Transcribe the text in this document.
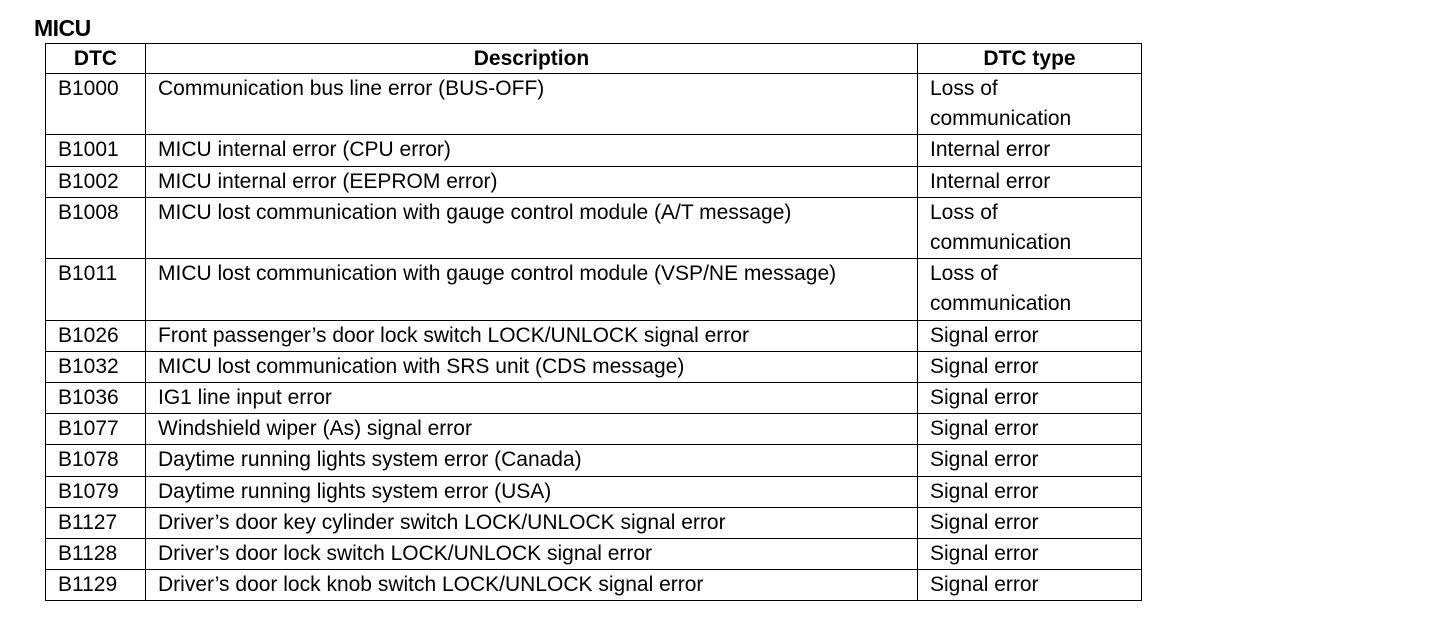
MICU
DTC	Description	DTC type
B1000	Communication bus line error (BUS-OFF)	Loss of communication
B1001	MICU internal error (CPU error)	Internal error
B1002	MICU internal error (EEPROM error)	Internal error
B1008	MICU lost communication with gauge control module (A/T message)	Loss of communication
B1011	MICU lost communication with gauge control module (VSP/NE message)	Loss of communication
B1026	Front passenger’s door lock switch LOCK/UNLOCK signal error	Signal error
B1032	MICU lost communication with SRS unit (CDS message)	Signal error
B1036	IG1 line input error	Signal error
B1077	Windshield wiper (As) signal error	Signal error
B1078	Daytime running lights system error (Canada)	Signal error
B1079	Daytime running lights system error (USA)	Signal error
B1127	Driver’s door key cylinder switch LOCK/UNLOCK signal error	Signal error
B1128	Driver’s door lock switch LOCK/UNLOCK signal error	Signal error
B1129	Driver’s door lock knob switch LOCK/UNLOCK signal error	Signal error
